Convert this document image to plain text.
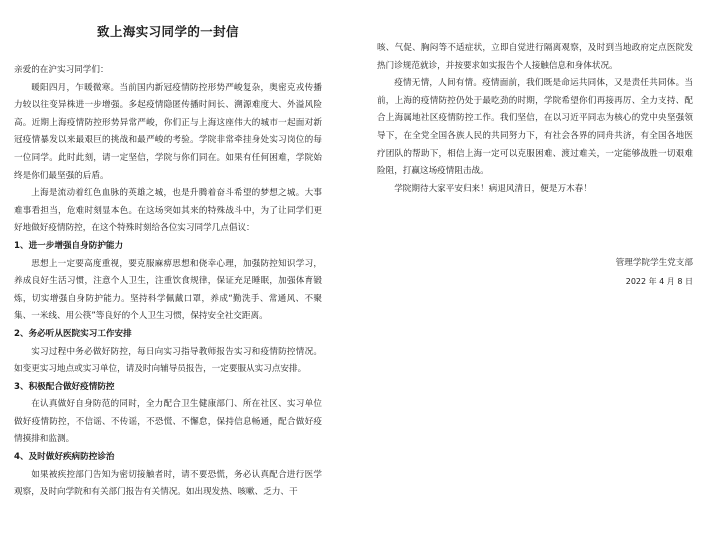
致上海实习同学的一封信

亲爱的在沪实习同学们：

暖阳四月，乍暖微寒。当前国内新冠疫情防控形势严峻复杂，奥密克戎传播力较以往变异株进一步增强。多起疫情隐匿传播时间长、溯源难度大、外溢风险高。近期上海疫情防控形势异常严峻，你们正与上海这座伟大的城市一起面对新冠疫情暴发以来最艰巨的挑战和最严峻的考验。学院非常牵挂身处实习岗位的每一位同学。此时此刻，请一定坚信，学院与你们同在。如果有任何困难，学院始终是你们最坚强的后盾。

上海是流动着红色血脉的英雄之城，也是升腾着奋斗希望的梦想之城。大事难事看担当，危难时刻显本色。在这场突如其来的特殊战斗中，为了让同学们更好地做好疫情防控，在这个特殊时刻给各位实习同学几点倡议：

1、进一步增强自身防护能力

思想上一定要高度重视，要克服麻痹思想和侥幸心理，加强防控知识学习，养成良好生活习惯，注意个人卫生，注重饮食规律，保证充足睡眠，加强体育锻炼，切实增强自身防护能力。坚持科学佩戴口罩，养成“勤洗手、常通风、不聚集、一米线、用公筷”等良好的个人卫生习惯，保持安全社交距离。

2、务必听从医院实习工作安排

实习过程中务必做好防控，每日向实习指导教师报告实习和疫情防控情况。如变更实习地点或实习单位，请及时向辅导员报告，一定要服从实习点安排。

3、积极配合做好疫情防控

在认真做好自身防范的同时，全力配合卫生健康部门、所在社区、实习单位做好疫情防控，不信谣、不传谣，不恐慌、不懈怠，保持信息畅通，配合做好疫情摸排和监测。

4、及时做好疾病防控诊治

如果被疾控部门告知为密切接触者时，请不要恐慌，务必认真配合进行医学观察，及时向学院和有关部门报告有关情况。如出现发热、咳嗽、乏力、干

咳、气促、胸闷等不适症状，立即自觉进行隔离观察，及时到当地政府定点医院发热门诊规范就诊，并按要求如实报告个人接触信息和身体状况。

疫情无情，人间有情。疫情面前，我们既是命运共同体，又是责任共同体。当前，上海的疫情防控仍处于最吃劲的时期，学院希望你们再接再厉、全力支持、配合上海属地社区疫情防控工作。我们坚信，在以习近平同志为核心的党中央坚强领导下，在全党全国各族人民的共同努力下，有社会各界的同舟共济，有全国各地医疗团队的帮助下，相信上海一定可以克服困难、渡过难关，一定能够战胜一切艰难险阻，打赢这场疫情阻击战。

学院期待大家平安归来！病退风清日，便是万木春！

管理学院学生党支部
2022 年 4 月 8 日
